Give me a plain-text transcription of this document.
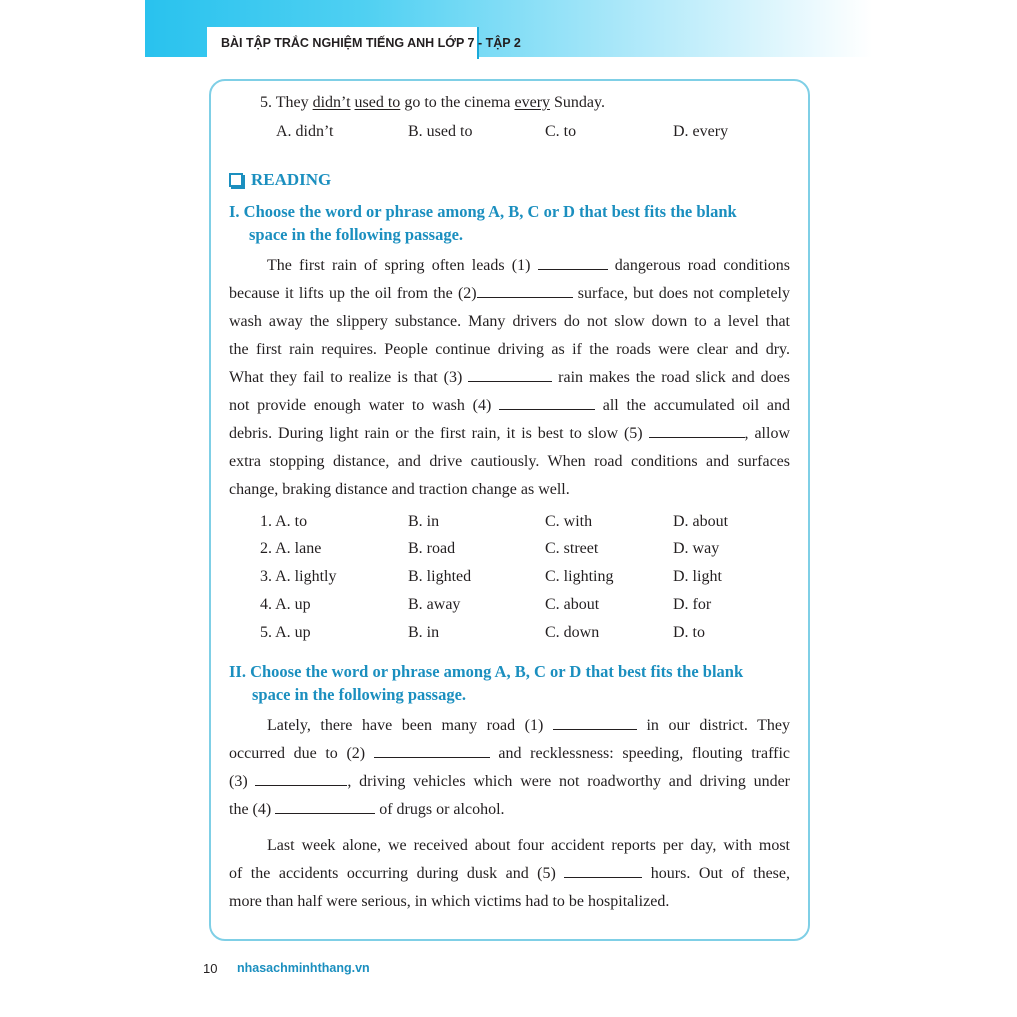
BÀI TẬP TRẮC NGHIỆM TIẾNG ANH LỚP 7 - TẬP 2
5. They didn’t used to go to the cinema every Sunday.
A. didn’t	B. used to	C. to	D. every
READING
I. Choose the word or phrase among A, B, C or D that best fits the blank
space in the following passage.
The first rain of spring often leads (1)	dangerous road conditions
because it lifts up the oil from the (2)	surface, but does not completely
wash away the slippery substance. Many drivers do not slow down to a level that
the first rain requires. People continue driving as if the roads were clear and dry.
What they fail to realize is that (3)	rain makes the road slick and does
not provide enough water to wash (4)	all the accumulated oil and
debris. During light rain or the first rain, it is best to slow (5)	, allow
extra stopping distance, and drive cautiously. When road conditions and surfaces
change, braking distance and traction change as well.
1. A. to	B. in	C. with	D. about
2. A. lane	B. road	C. street	D. way
3. A. lightly	B. lighted	C. lighting	D. light
4. A. up	B. away	C. about	D. for
5. A. up	B. in	C. down	D. to
II. Choose the word or phrase among A, B, C or D that best fits the blank
space in the following passage.
Lately, there have been many road (1)	in our district. They
occurred due to (2)	and recklessness: speeding, flouting traffic
(3)	, driving vehicles which were not roadworthy and driving under
the (4)	of drugs or alcohol.
Last week alone, we received about four accident reports per day, with most
of the accidents occurring during dusk and (5)	hours. Out of these,
more than half were serious, in which victims had to be hospitalized.
10 nhasachminhthang.vn
